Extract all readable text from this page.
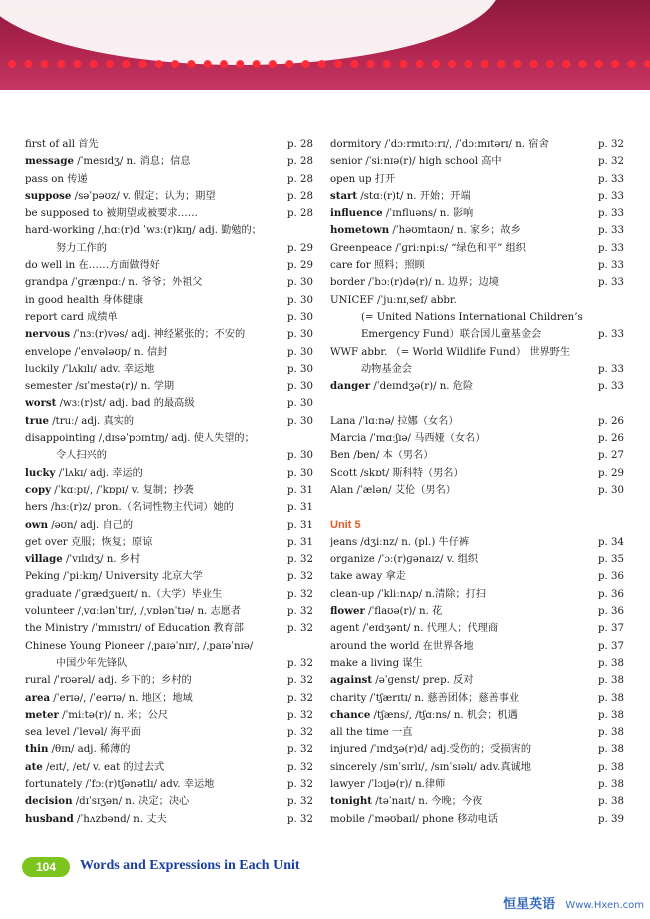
first of all 首先	p. 28
message /ˈmesɪdʒ/ n. 消息；信息	p. 28
pass on 传递	p. 28
suppose /səˈpəʊz/ v. 假定；认为；期望	p. 28
be supposed to 被期望或被要求……	p. 28
hard-working /ˌhɑː(r)d ˈwɜː(r)kɪŋ/ adj. 勤勉的；
努力工作的	p. 29
do well in 在……方面做得好	p. 29
grandpa /ˈɡrænpɑː/ n. 爷爷；外祖父	p. 30
in good health 身体健康	p. 30
report card 成绩单	p. 30
nervous /ˈnɜː(r)vəs/ adj. 神经紧张的；不安的	p. 30
envelope /ˈenvələʊp/ n. 信封	p. 30
luckily /ˈlʌkɪlɪ/ adv. 幸运地	p. 30
semester /sɪˈmestə(r)/ n. 学期	p. 30
worst /wɜː(r)st/ adj. bad 的最高级	p. 30
true /truː/ adj. 真实的	p. 30
disappointing /ˌdɪsəˈpɔɪntɪŋ/ adj. 使人失望的；
令人扫兴的	p. 30
lucky /ˈlʌkɪ/ adj. 幸运的	p. 30
copy /ˈkɑːpɪ/, /ˈkɒpɪ/ v. 复制；抄袭	p. 31
hers /hɜː(r)z/ pron.（名词性物主代词）她的	p. 31
own /əʊn/ adj. 自己的	p. 31
get over 克服；恢复；原谅	p. 31
village /ˈvɪlɪdʒ/ n. 乡村	p. 32
Peking /ˈpiːkɪŋ/ University 北京大学	p. 32
graduate /ˈɡrædʒueɪt/ n.（大学）毕业生	p. 32
volunteer /ˌvɑːlənˈtɪr/, /ˌvɒlənˈtɪə/ n. 志愿者	p. 32
the Ministry /ˈmɪnɪstrɪ/ of Education 教育部	p. 32
Chinese Young Pioneer /ˌpaɪəˈnɪr/, /ˌpaɪəˈnɪə/
中国少年先锋队	p. 32
rural /ˈrʊərəl/ adj. 乡下的；乡村的	p. 32
area /ˈerɪə/, /ˈeərɪə/ n. 地区；地域	p. 32
meter /ˈmiːtə(r)/ n. 米；公尺	p. 32
sea level /ˈlevəl/ 海平面	p. 32
thin /θɪn/ adj. 稀薄的	p. 32
ate /eɪt/, /et/ v. eat 的过去式	p. 32
fortunately /ˈfɔː(r)tʃənətlɪ/ adv. 幸运地	p. 32
decision /dɪˈsɪʒən/ n. 决定；决心	p. 32
husband /ˈhʌzbənd/ n. 丈夫	p. 32
dormitory /ˈdɔːrmɪtɔːrɪ/, /ˈdɔːmɪtərɪ/ n. 宿舍	p. 32
senior /ˈsiːnɪə(r)/ high school 高中	p. 32
open up 打开	p. 33
start /stɑː(r)t/ n. 开始；开端	p. 33
influence /ˈɪnfluəns/ n. 影响	p. 33
hometown /ˈhəʊmtaʊn/ n. 家乡；故乡	p. 33
Greenpeace /ˈɡriːnpiːs/ “绿色和平” 组织	p. 33
care for 照料；照顾	p. 33
border /ˈbɔː(r)də(r)/ n. 边界；边境	p. 33
UNICEF /ˈjuːnɪˌsef/ abbr.
(= United Nations International Children’s
Emergency Fund）联合国儿童基金会	p. 33
WWF abbr. （= World Wildlife Fund） 世界野生
动物基金会	p. 33
danger /ˈdeɪndʒə(r)/ n. 危险	p. 33
Lana /ˈlɑːnə/ 拉娜（女名）	p. 26
Marcia /ˈmɑːʃɪə/ 马西娅（女名）	p. 26
Ben /ben/ 本（男名）	p. 27
Scott /skɒt/ 斯科特（男名）	p. 29
Alan /ˈælən/ 艾伦（男名）	p. 30
Unit 5
jeans /dʒiːnz/ n. (pl.) 牛仔裤	p. 34
organize /ˈɔː(r)ɡənaɪz/ v. 组织	p. 35
take away 拿走	p. 36
clean-up /ˈkliːnʌp/ n.清除；打扫	p. 36
flower /ˈflaʊə(r)/ n. 花	p. 36
agent /ˈeɪdʒənt/ n. 代理人；代理商	p. 37
around the world 在世界各地	p. 37
make a living 谋生	p. 38
against /əˈɡenst/ prep. 反对	p. 38
charity /ˈtʃærɪtɪ/ n. 慈善团体；慈善事业	p. 38
chance /tʃæns/, /tʃɑːns/ n. 机会；机遇	p. 38
all the time 一直	p. 38
injured /ˈɪndʒə(r)d/ adj.受伤的；受损害的	p. 38
sincerely /sɪnˈsɪrlɪ/, /sɪnˈsɪəlɪ/ adv.真诚地	p. 38
lawyer /ˈlɔɪjə(r)/ n.律师	p. 38
tonight /təˈnaɪt/ n. 今晚；今夜	p. 38
mobile /ˈməʊbaɪl/ phone 移动电话	p. 39
104	Words and Expressions in Each Unit
恒星英语 Www.Hxen.com
